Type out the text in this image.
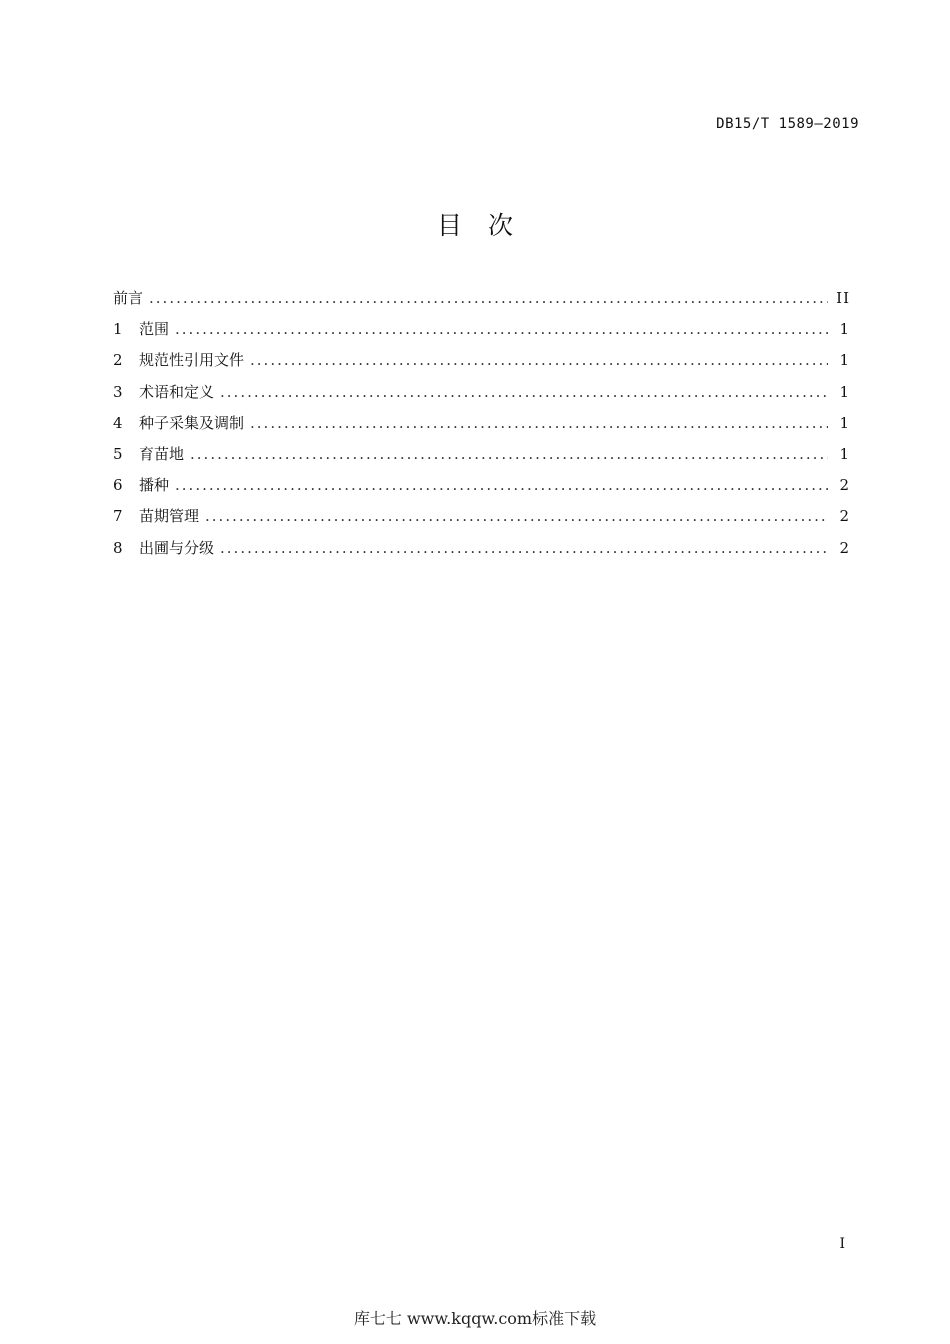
DB15/T 1589—2019
目次
前言 .....	II
1	范围 .....	1
2	规范性引用文件 .....	1
3	术语和定义 .....	1
4	种子采集及调制 .....	1
5	育苗地 .....	1
6	播种 .....	2
7	苗期管理 .....	2
8	出圃与分级 .....	2
I
库七七 www.kqqw.com标准下载
